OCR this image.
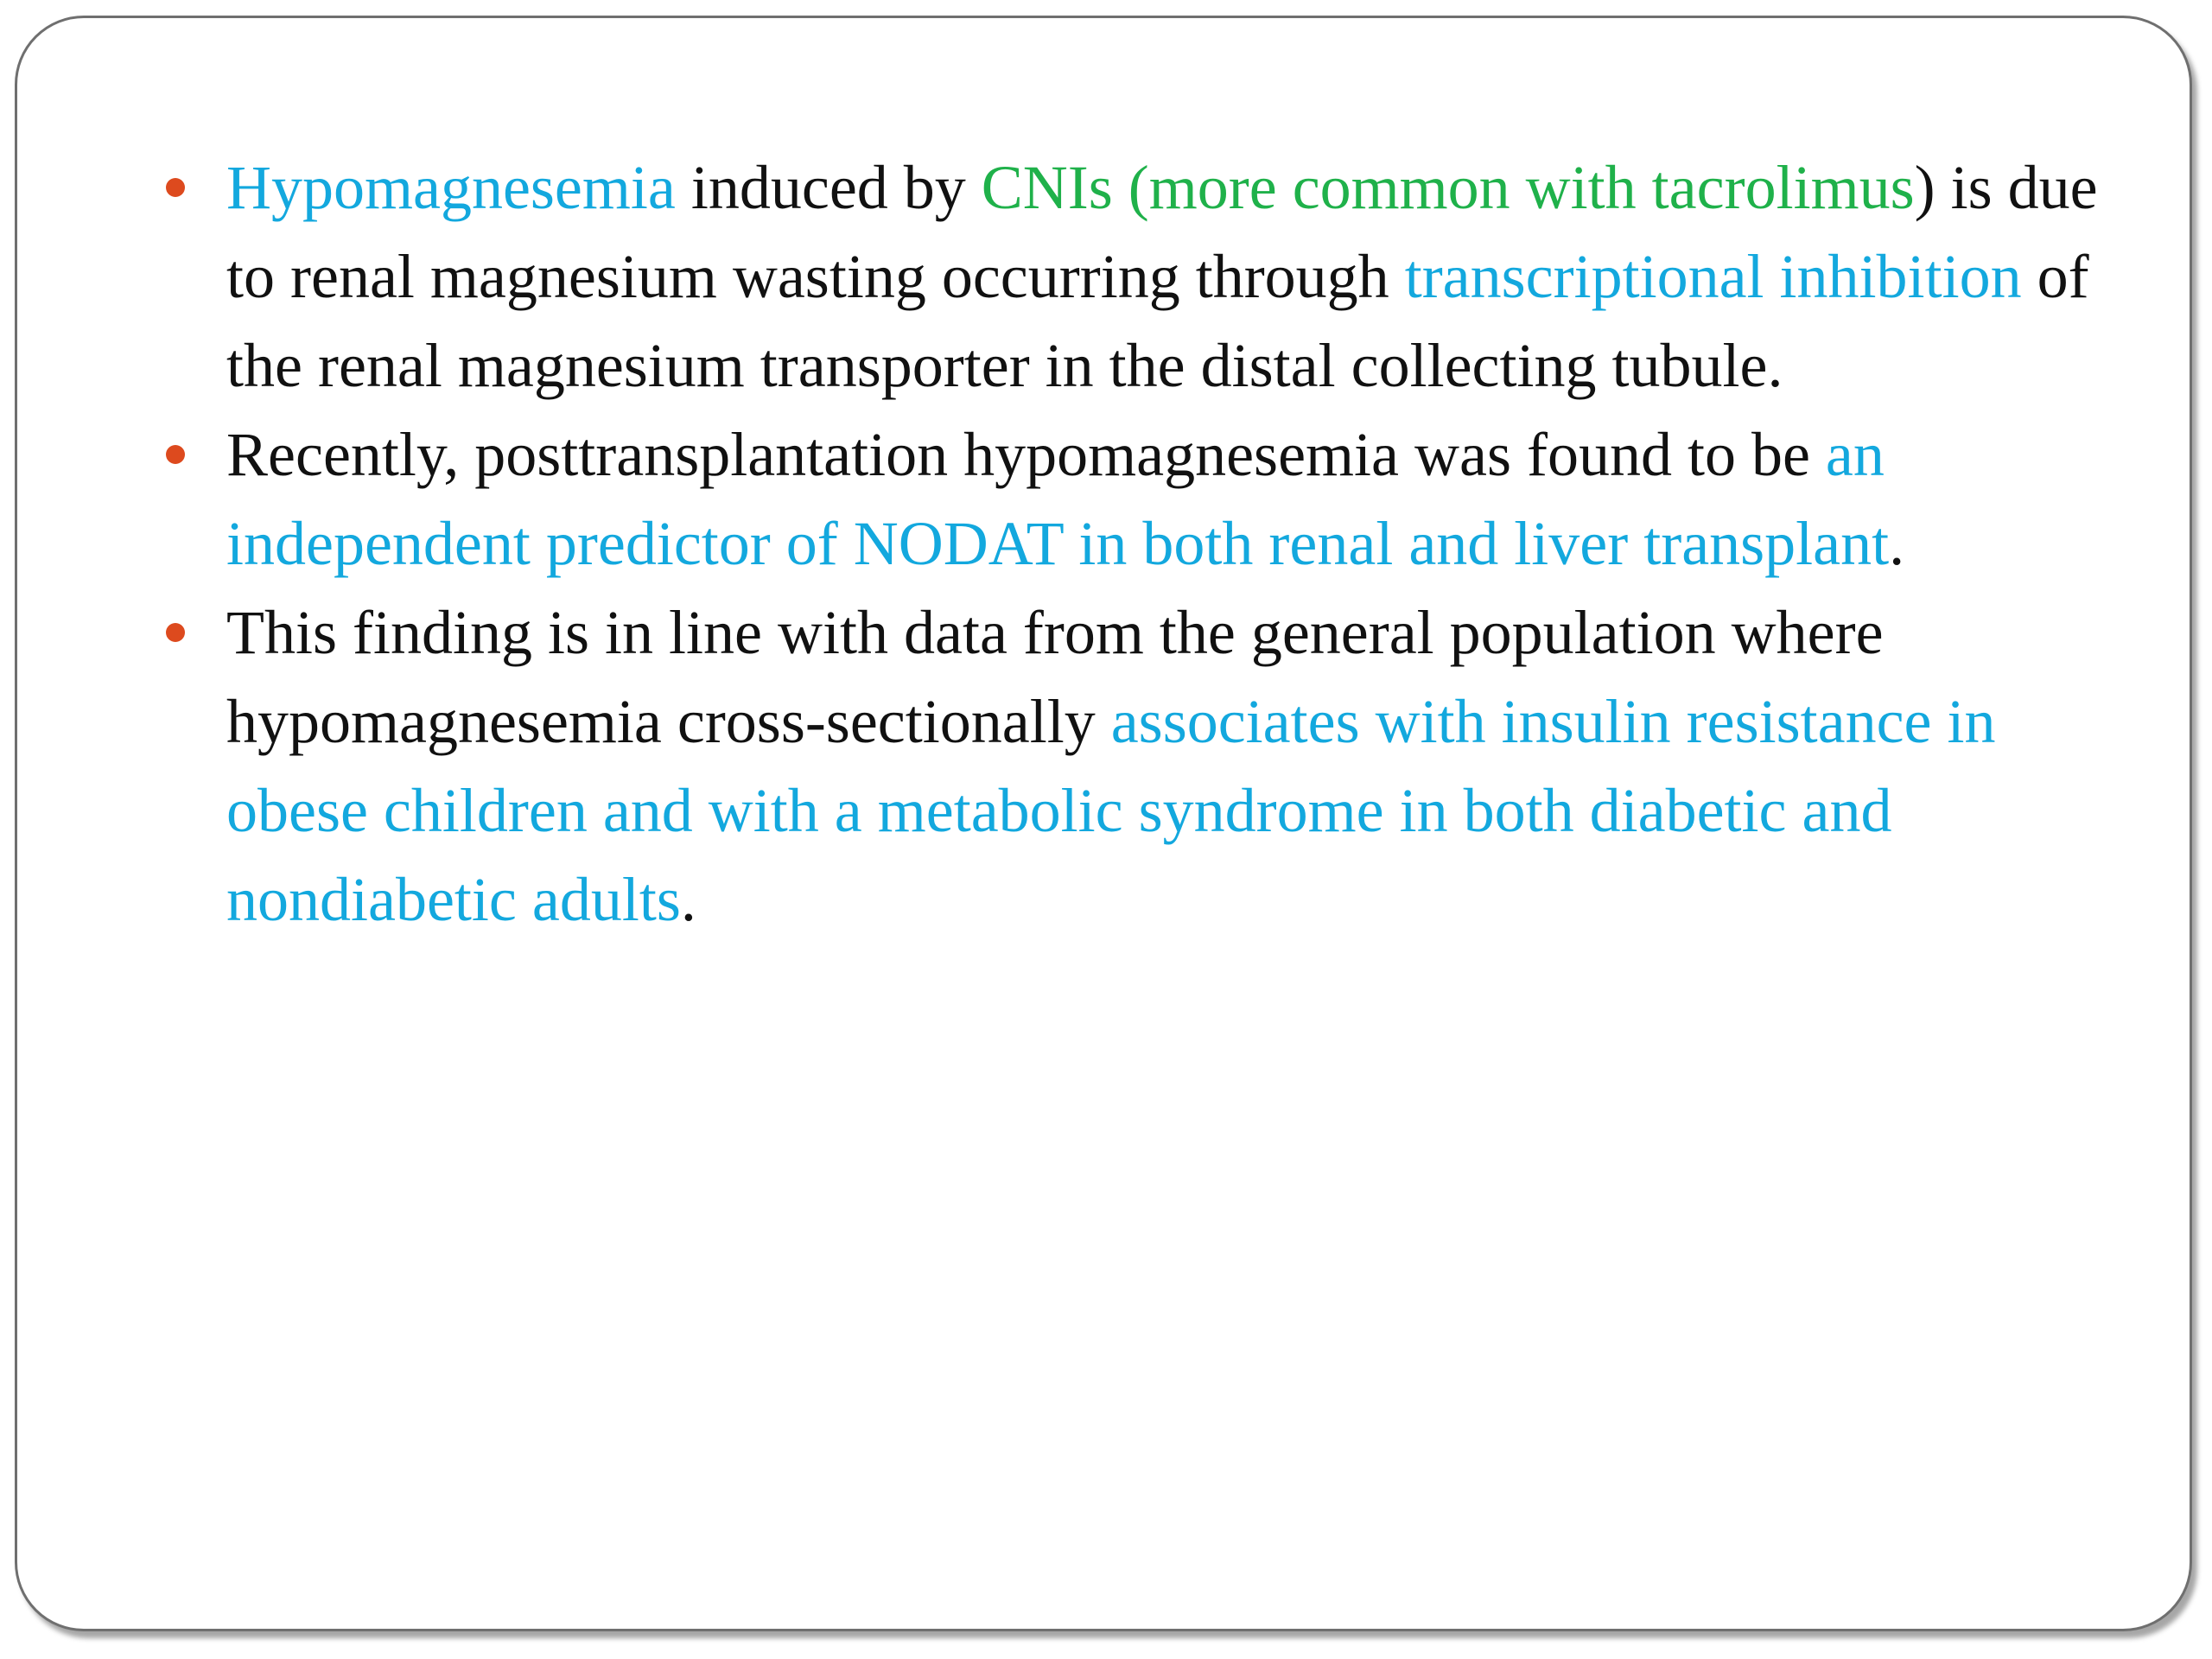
Hypomagnesemia induced by CNIs (more common with tacrolimus) is due to renal magnesium wasting occurring through transcriptional inhibition of the renal magnesium transporter in the distal collecting tubule.
Recently, posttransplantation hypomagnesemia was found to be an independent predictor of NODAT in both renal and liver transplant.
This finding is in line with data from the general population where hypomagnesemia cross-sectionally associates with insulin resistance in obese children and with a metabolic syndrome in both diabetic and nondiabetic adults.
